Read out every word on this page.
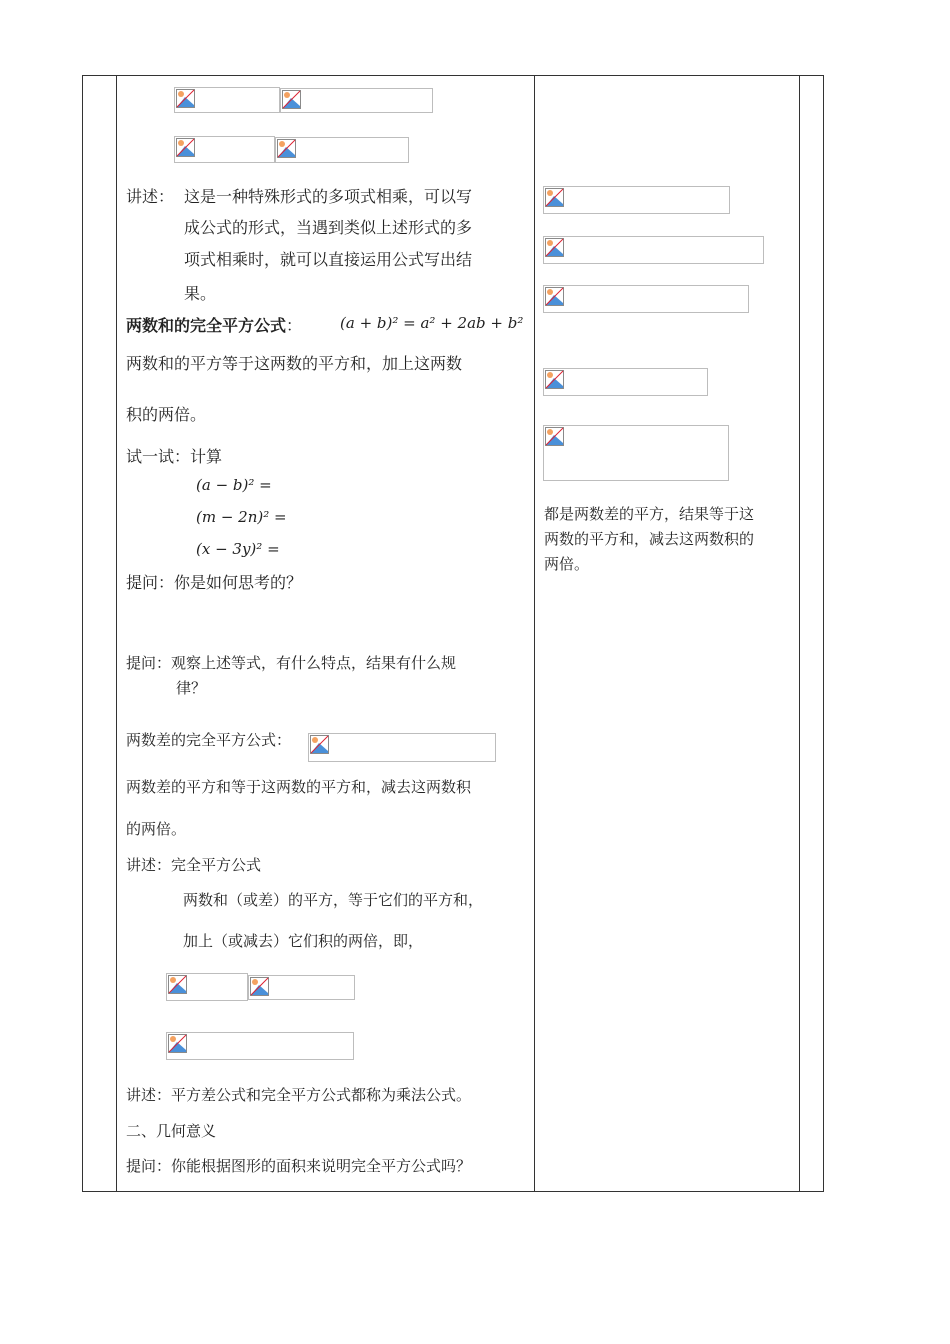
讲述： 这是一种特殊形式的多项式相乘，可以写
成公式的形式，当遇到类似上述形式的多
项式相乘时，就可以直接运用公式写出结
果。
两数和的完全平方公式：	(a + b)² = a² + 2ab + b²
两数和的平方等于这两数的平方和，加上这两数
积的两倍。
试一试：计算
(a − b)² =
(m − 2n)² =
(x − 3y)² =
提问：你是如何思考的？
提问：观察上述等式，有什么特点，结果有什么规
律？
两数差的完全平方公式：
两数差的平方和等于这两数的平方和，减去这两数积
的两倍。
讲述：完全平方公式
两数和（或差）的平方，等于它们的平方和，
加上（或减去）它们积的两倍，即，
讲述：平方差公式和完全平方公式都称为乘法公式。
二、几何意义
提问：你能根据图形的面积来说明完全平方公式吗？
都是两数差的平方，结果等于这
两数的平方和，减去这两数积的
两倍。
